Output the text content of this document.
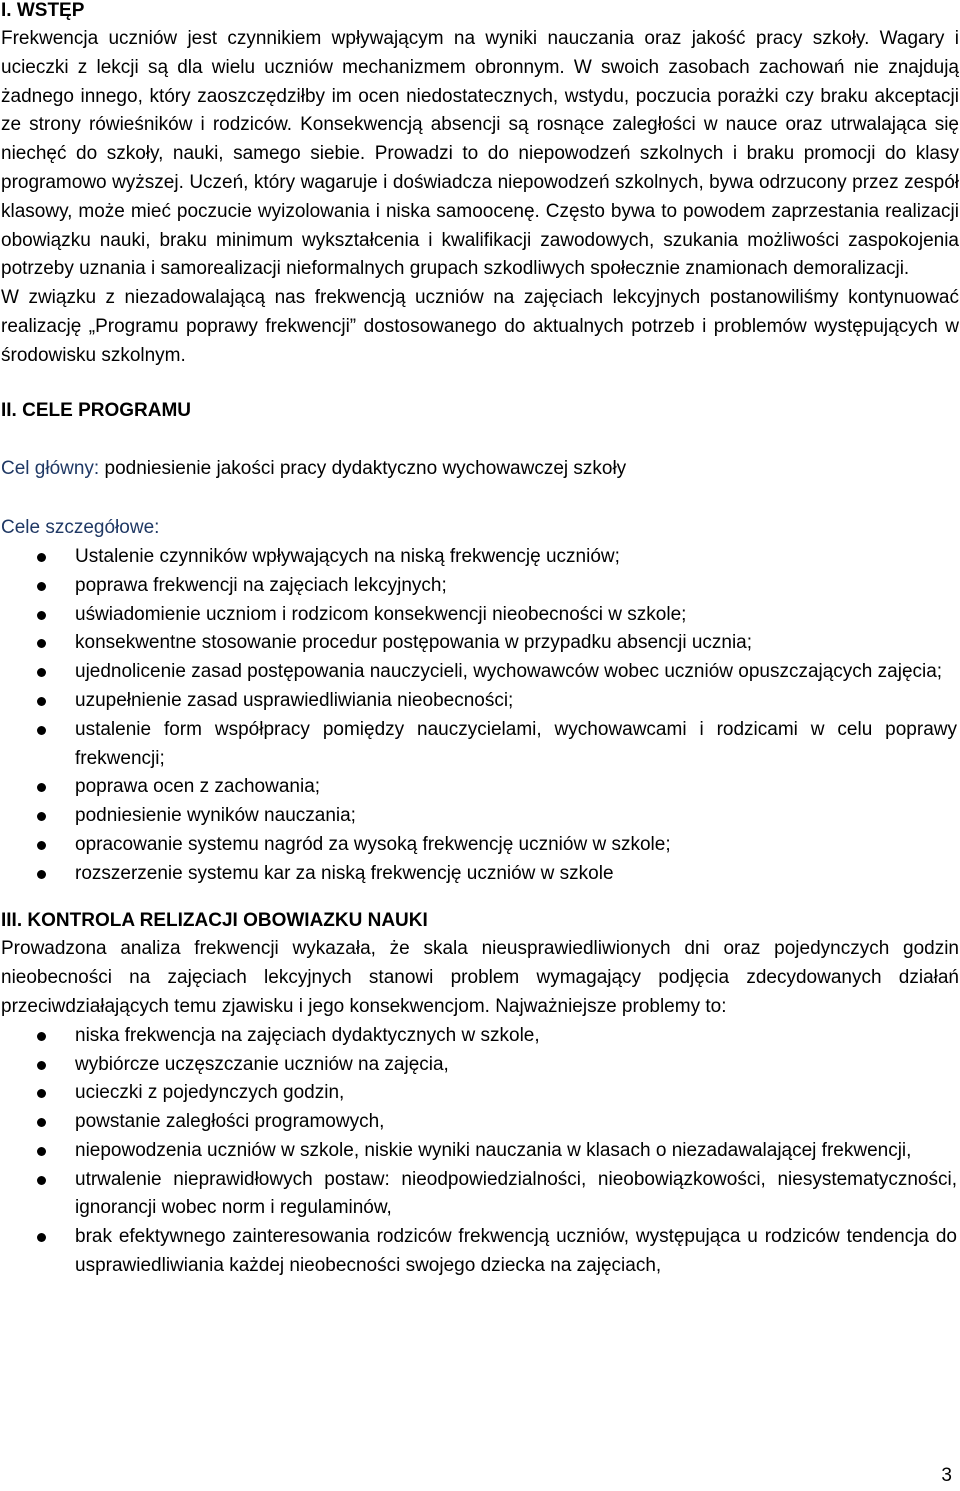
I. WSTĘP

Frekwencja uczniów jest czynnikiem wpływającym na wyniki nauczania oraz jakość pracy szkoły. Wagary i ucieczki z lekcji są dla wielu uczniów mechanizmem obronnym. W swoich zasobach zachowań nie znajdują żadnego innego, który zaoszczędziłby im ocen niedostatecznych, wstydu, poczucia porażki czy braku akceptacji ze strony rówieśników i rodziców. Konsekwencją absencji są rosnące zaległości w nauce oraz utrwalająca się niechęć do szkoły, nauki, samego siebie. Prowadzi to do niepowodzeń szkolnych i braku promocji do klasy programowo wyższej. Uczeń, który wagaruje i doświadcza niepowodzeń szkolnych, bywa odrzucony przez zespół klasowy, może mieć poczucie wyizolowania i niska samoocenę. Często bywa to powodem zaprzestania realizacji obowiązku nauki, braku minimum wykształcenia i kwalifikacji zawodowych, szukania możliwości zaspokojenia potrzeby uznania i samorealizacji nieformalnych grupach szkodliwych społecznie znamionach demoralizacji.

W związku z niezadowalającą nas frekwencją uczniów na zajęciach lekcyjnych postanowiliśmy kontynuować realizację „Programu poprawy frekwencji” dostosowanego do aktualnych potrzeb i problemów występujących w środowisku szkolnym.

II. CELE PROGRAMU

Cel główny: podniesienie jakości pracy dydaktyczno wychowawczej szkoły

Cele szczegółowe:

Ustalenie czynników wpływających na niską frekwencję uczniów;
poprawa frekwencji na zajęciach lekcyjnych;
uświadomienie uczniom i rodzicom konsekwencji nieobecności w szkole;
konsekwentne stosowanie procedur postępowania w przypadku absencji ucznia;
ujednolicenie zasad postępowania nauczycieli, wychowawców wobec uczniów opuszczających zajęcia;
uzupełnienie zasad usprawiedliwiania nieobecności;
ustalenie form współpracy pomiędzy nauczycielami, wychowawcami i rodzicami w celu poprawy frekwencji;
poprawa ocen z zachowania;
podniesienie wyników nauczania;
opracowanie systemu nagród za wysoką frekwencję uczniów w szkole;
rozszerzenie systemu kar za niską frekwencję uczniów w szkole
III. KONTROLA RELIZACJI OBOWIAZKU NAUKI

Prowadzona analiza frekwencji wykazała, że skala nieusprawiedliwionych dni oraz pojedynczych godzin nieobecności na zajęciach lekcyjnych stanowi problem wymagający podjęcia zdecydowanych działań przeciwdziałających temu zjawisku i jego konsekwencjom. Najważniejsze problemy to:

niska frekwencja na zajęciach dydaktycznych w szkole,
wybiórcze uczęszczanie uczniów na zajęcia,
ucieczki z pojedynczych godzin,
powstanie zaległości programowych,
niepowodzenia uczniów w szkole, niskie wyniki nauczania w klasach o niezadawalającej frekwencji,
utrwalenie nieprawidłowych postaw: nieodpowiedzialności, nieobowiązkowości, niesystematyczności, ignorancji wobec norm i regulaminów,
brak efektywnego zainteresowania rodziców frekwencją uczniów, występująca u rodziców tendencja do usprawiedliwiania każdej nieobecności swojego dziecka na zajęciach,
3
